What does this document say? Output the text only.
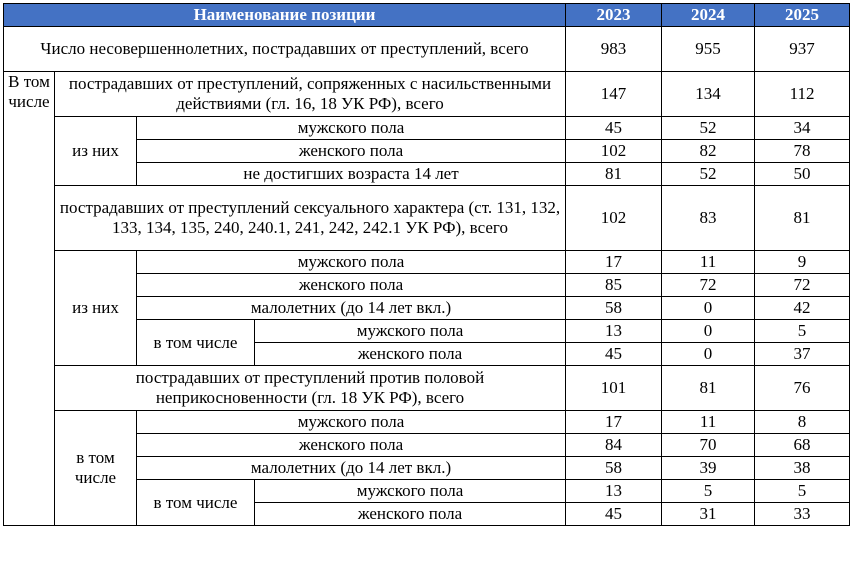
Наименование позиции				2023	2024	2025
Число несовершеннолетних, пострадавших от преступлений, всего				983	955	937
В том числе	пострадавших от преступлений, сопряженных с насильственными действиями (гл. 16, 18 УК РФ), всего			147	134	112
	из них	мужского пола		45	52	34
		женского пола		102	82	78
		не достигших возраста 14 лет		81	52	50
	пострадавших от преступлений сексуального характера (ст. 131, 132, 133, 134, 135, 240, 240.1, 241, 242, 242.1 УК РФ), всего			102	83	81
	из них	мужского пола		17	11	9
		женского пола		85	72	72
		малолетних (до 14 лет вкл.)		58	0	42
		в том числе	мужского пола	13	0	5
			женского пола	45	0	37
	пострадавших от преступлений против половой неприкосновенности (гл. 18 УК РФ), всего			101	81	76
	в том числе	мужского пола		17	11	8
		женского пола		84	70	68
		малолетних (до 14 лет вкл.)		58	39	38
		в том числе	мужского пола	13	5	5
			женского пола	45	31	33
